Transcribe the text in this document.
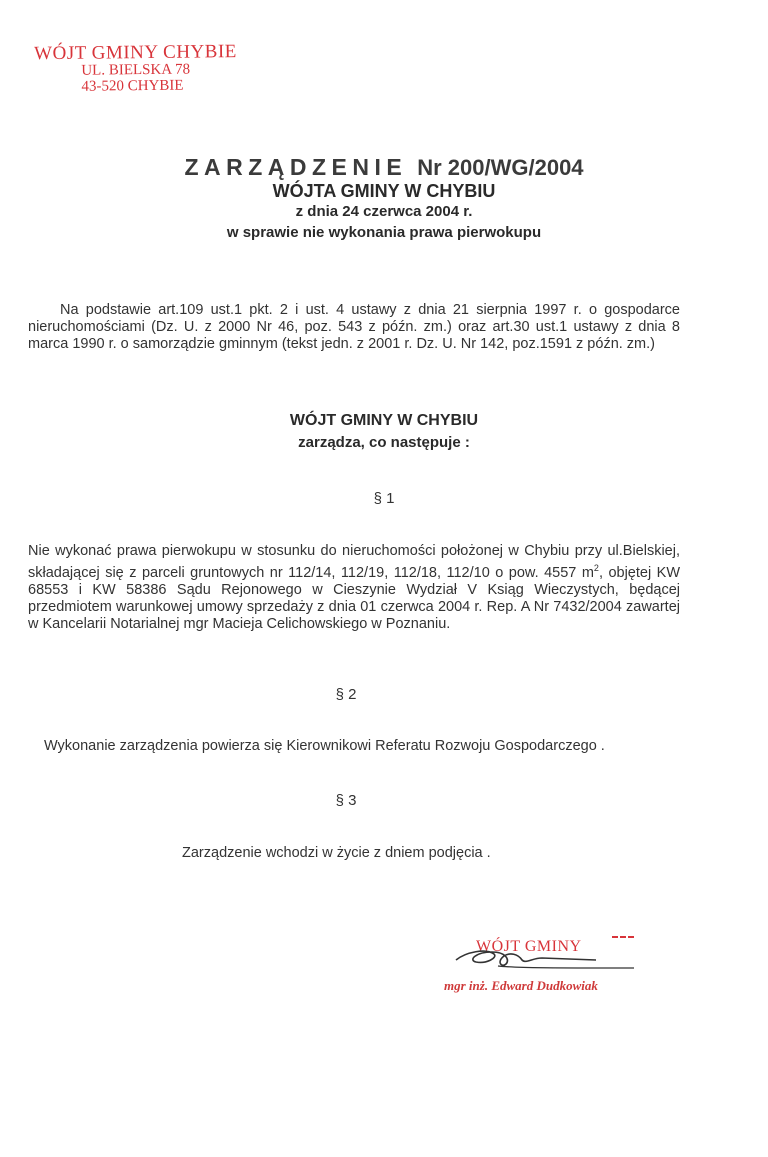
WÓJT GMINY CHYBIE
UL. BIELSKA 78
43-520 CHYBIE
ZARZĄDZENIE Nr 200/WG/2004
WÓJTA GMINY W CHYBIU
z dnia 24 czerwca 2004 r.
w sprawie nie wykonania prawa pierwokupu
Na podstawie art.109 ust.1 pkt. 2 i ust. 4 ustawy z dnia 21 sierpnia 1997 r. o gospodarce nieruchomościami (Dz. U. z 2000 Nr 46, poz. 543 z późn. zm.) oraz art.30 ust.1 ustawy z dnia 8 marca 1990 r. o samorządzie gminnym (tekst jedn. z 2001 r. Dz. U. Nr 142, poz.1591 z późn. zm.)
WÓJT GMINY W CHYBIU
zarządza, co następuje :
§ 1
Nie wykonać prawa pierwokupu w stosunku do nieruchomości położonej w Chybiu przy ul.Bielskiej, składającej się z parceli gruntowych nr 112/14, 112/19, 112/18, 112/10 o pow. 4557 $m^2$, objętej KW 68553 i KW 58386 Sądu Rejonowego w Cieszynie Wydział V Ksiąg Wieczystych, będącej przedmiotem warunkowej umowy sprzedaży z dnia 01 czerwca 2004 r. Rep. A Nr 7432/2004 zawartej w Kancelarii Notarialnej mgr Macieja Celichowskiego w Poznaniu.
§ 2
Wykonanie zarządzenia powierza się Kierownikowi Referatu Rozwoju Gospodarczego .
§ 3
Zarządzenie wchodzi w życie z dniem podjęcia .
WÓJT GMINY
mgr inż. Edward Dudkowiak
